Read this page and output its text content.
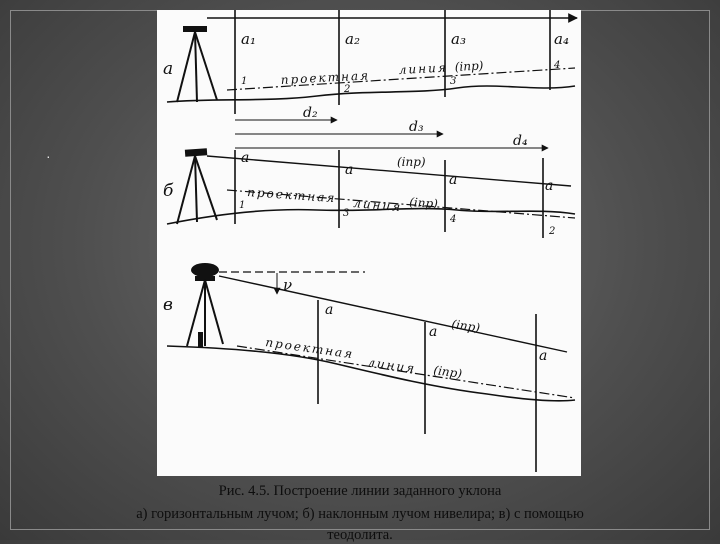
·
а
a₁	a₂	a₃	a₄
1
2
3
4
проектная линия (iпр)
d₂
d₃
d₄
б
a
a
a	a
(iпр)
проектная линия (iпр)
1
3
4
2
в
ν
a
a
a
(iпр)
проектная
линия (iпр)
Рис. 4.5. Построение линии заданного уклона
а) горизонтальным лучом; б) наклонным лучом нивелира; в) с помощью
теодолита.
